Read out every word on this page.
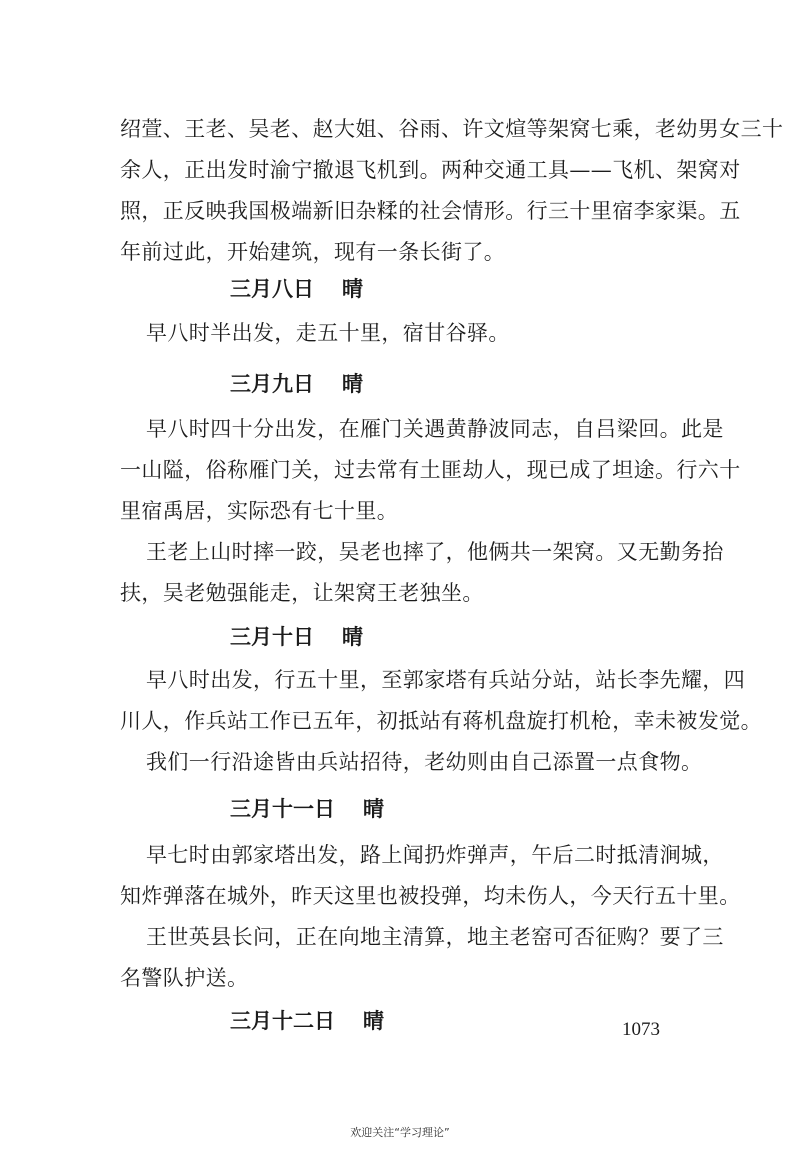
绍萱、王老、吴老、赵大姐、谷雨、许文煊等架窝七乘，老幼男女三十
余人，正出发时渝宁撤退飞机到。两种交通工具——飞机、架窝对
照，正反映我国极端新旧杂糅的社会情形。行三十里宿李家渠。五
年前过此，开始建筑，现有一条长街了。
三月八日 晴
早八时半出发，走五十里，宿甘谷驿。
三月九日 晴
早八时四十分出发，在雁门关遇黄静波同志，自吕梁回。此是
一山隘，俗称雁门关，过去常有土匪劫人，现已成了坦途。行六十
里宿禹居，实际恐有七十里。
王老上山时摔一跤，吴老也摔了，他俩共一架窝。又无勤务抬
扶，吴老勉强能走，让架窝王老独坐。
三月十日 晴
早八时出发，行五十里，至郭家塔有兵站分站，站长李先耀，四
川人，作兵站工作已五年，初抵站有蒋机盘旋打机枪，幸未被发觉。
我们一行沿途皆由兵站招待，老幼则由自己添置一点食物。
三月十一日 晴
早七时由郭家塔出发，路上闻扔炸弹声，午后二时抵清涧城，
知炸弹落在城外，昨天这里也被投弹，均未伤人，今天行五十里。
王世英县长问，正在向地主清算，地主老窑可否征购？要了三
名警队护送。
三月十二日 晴	1073
欢迎关注“学习理论”
